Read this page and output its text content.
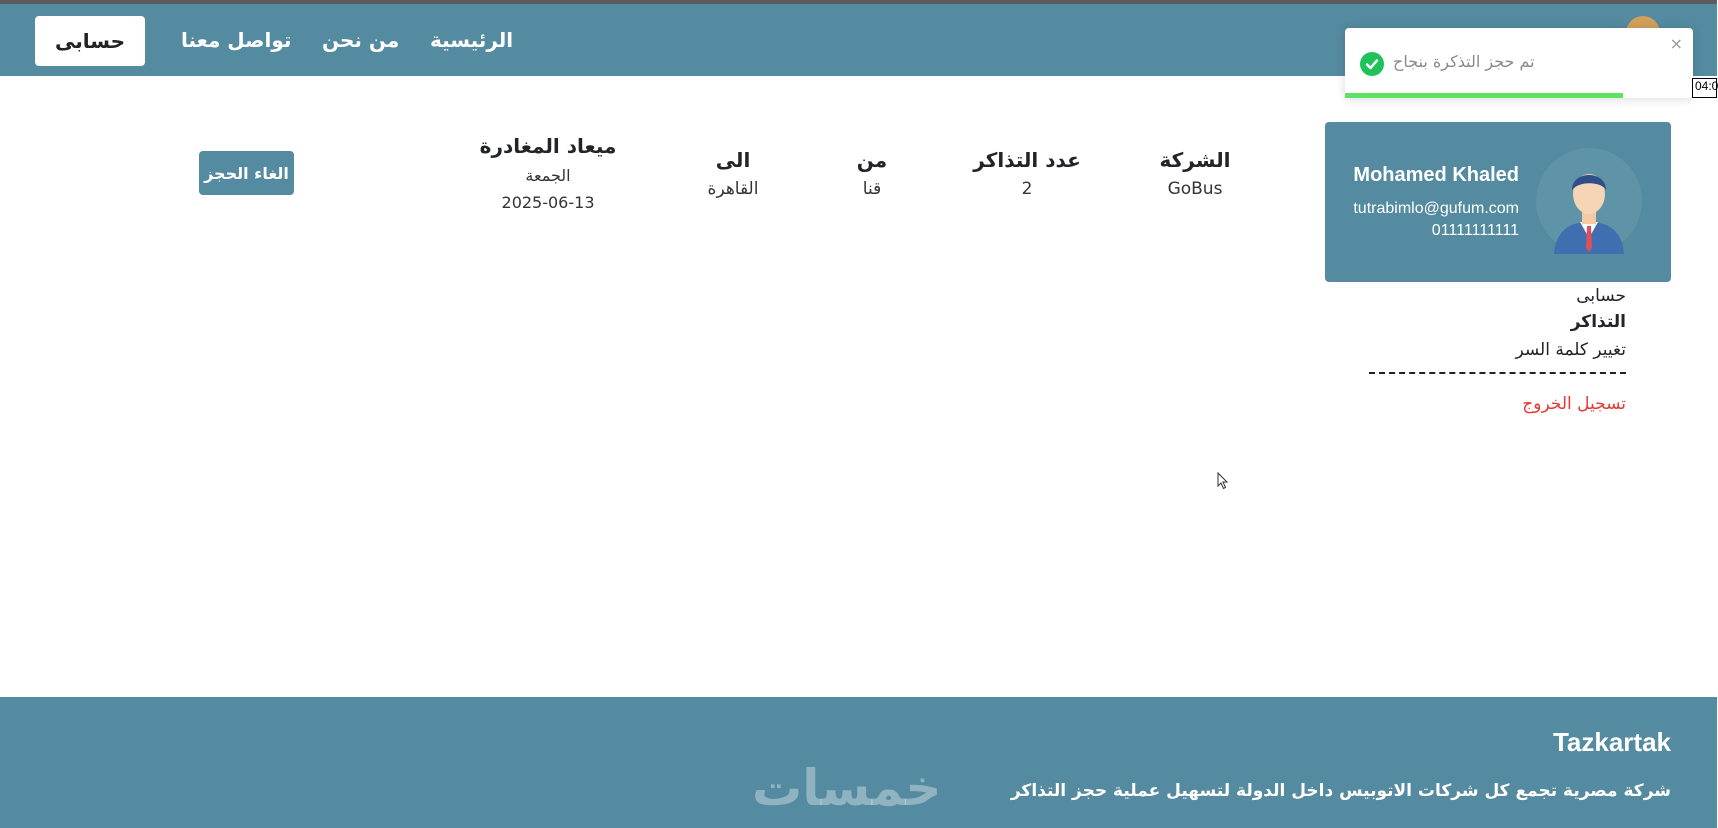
حسابى	تواصل معنا من نحن الرئيسية	×
تم حجز التذكرة بنجاح
Mohamed Khaled
tutrabimlo@gufum.com
01111111111
حسابى
التذاكر
تغيير كلمة السر
تسجيل الخروج
الشركة
GoBus
عدد التذاكر
2
من
قنا
الى
القاهرة
ميعاد المغادرة
الجمعة
2025-06-13
الغاء الحجز
Tazkartak
شركة مصرية تجمع كل شركات الاتوبيس داخل الدولة لتسهيل عملية حجز التذاكر
خمسات
04:0
